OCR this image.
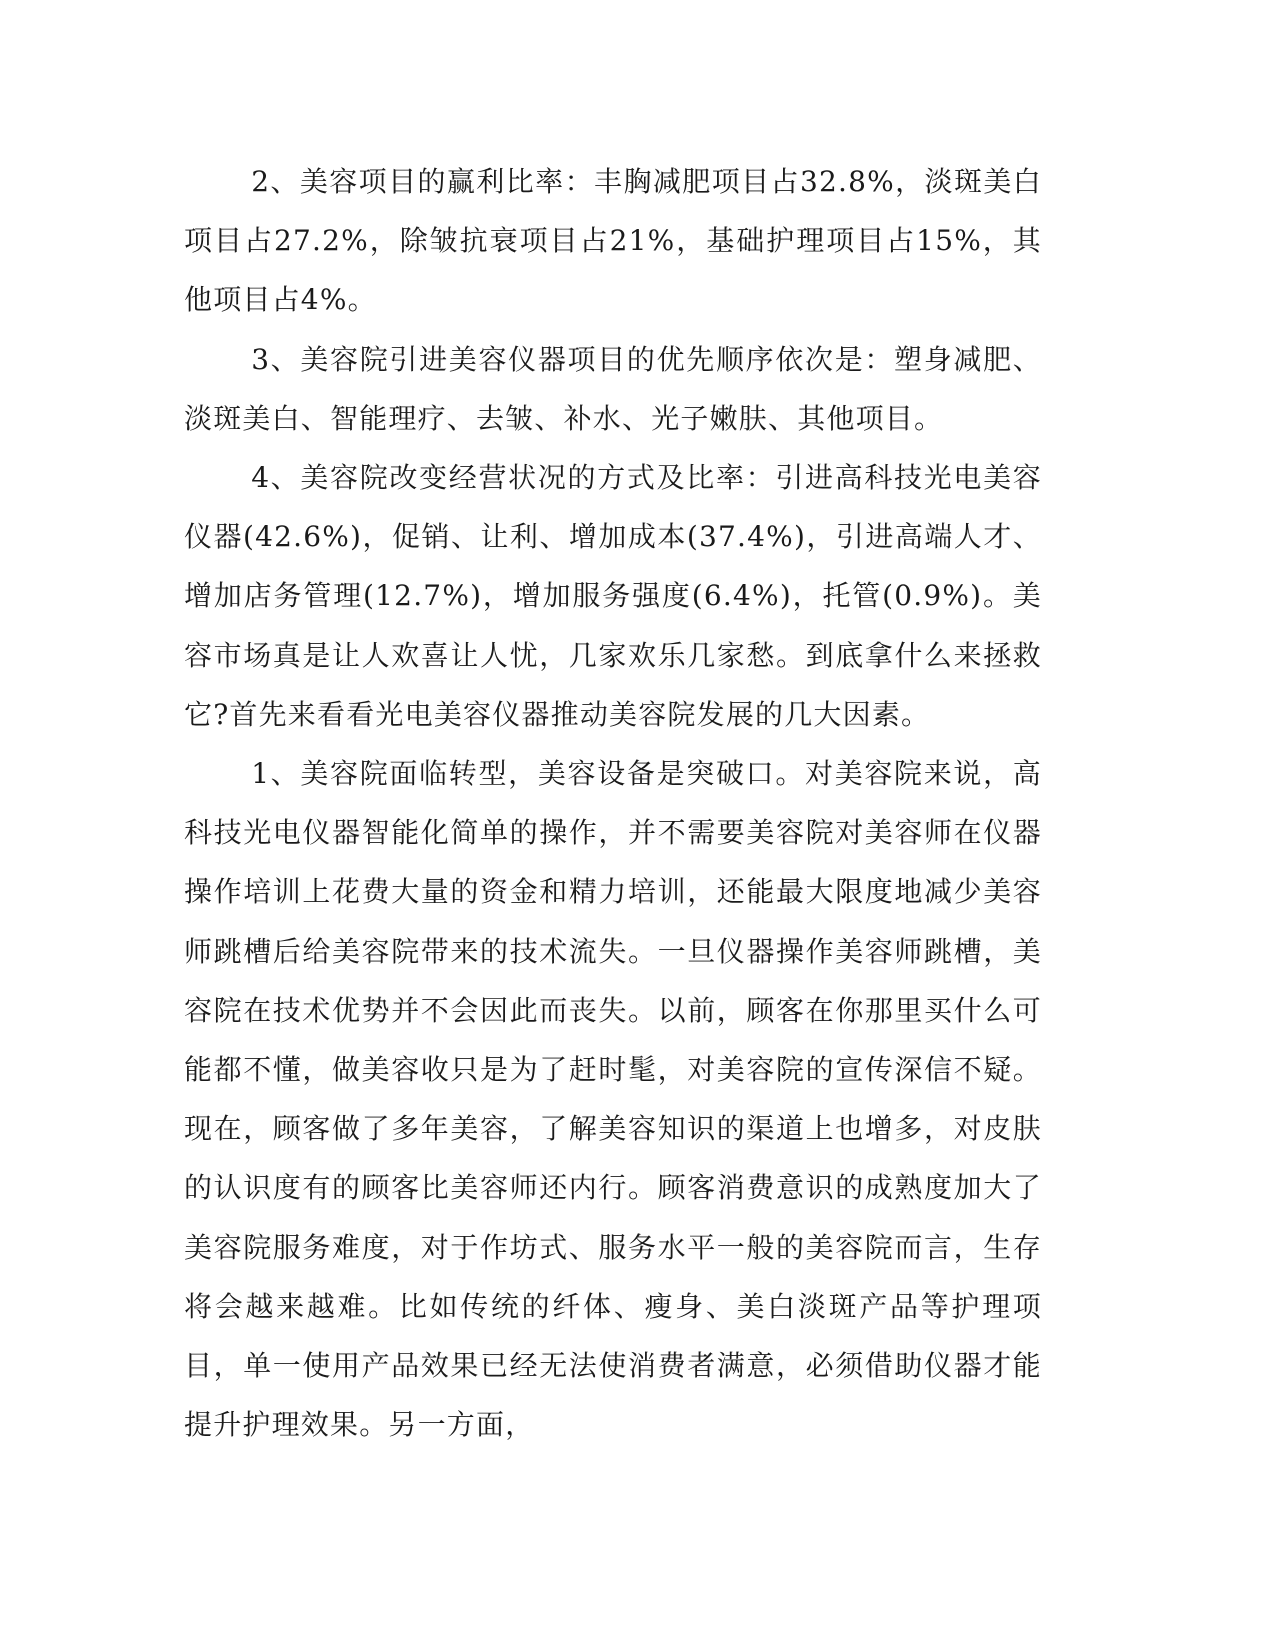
2、美容项目的赢利比率：丰胸减肥项目占32.8%，淡斑美白项目占27.2%，除皱抗衰项目占21%，基础护理项目占15%，其他项目占4%。

3、美容院引进美容仪器项目的优先顺序依次是：塑身减肥、淡斑美白、智能理疗、去皱、补水、光子嫩肤、其他项目。

4、美容院改变经营状况的方式及比率：引进高科技光电美容仪器(42.6%)，促销、让利、增加成本(37.4%)，引进高端人才、增加店务管理(12.7%)，增加服务强度(6.4%)，托管(0.9%)。美容市场真是让人欢喜让人忧，几家欢乐几家愁。到底拿什么来拯救它?首先来看看光电美容仪器推动美容院发展的几大因素。

1、美容院面临转型，美容设备是突破口。对美容院来说，高科技光电仪器智能化简单的操作，并不需要美容院对美容师在仪器操作培训上花费大量的资金和精力培训，还能最大限度地减少美容师跳槽后给美容院带来的技术流失。一旦仪器操作美容师跳槽，美容院在技术优势并不会因此而丧失。以前，顾客在你那里买什么可能都不懂，做美容收只是为了赶时髦，对美容院的宣传深信不疑。现在，顾客做了多年美容，了解美容知识的渠道上也增多，对皮肤的认识度有的顾客比美容师还内行。顾客消费意识的成熟度加大了美容院服务难度，对于作坊式、服务水平一般的美容院而言，生存将会越来越难。比如传统的纤体、瘦身、美白淡斑产品等护理项目，单一使用产品效果已经无法使消费者满意，必须借助仪器才能提升护理效果。另一方面，
